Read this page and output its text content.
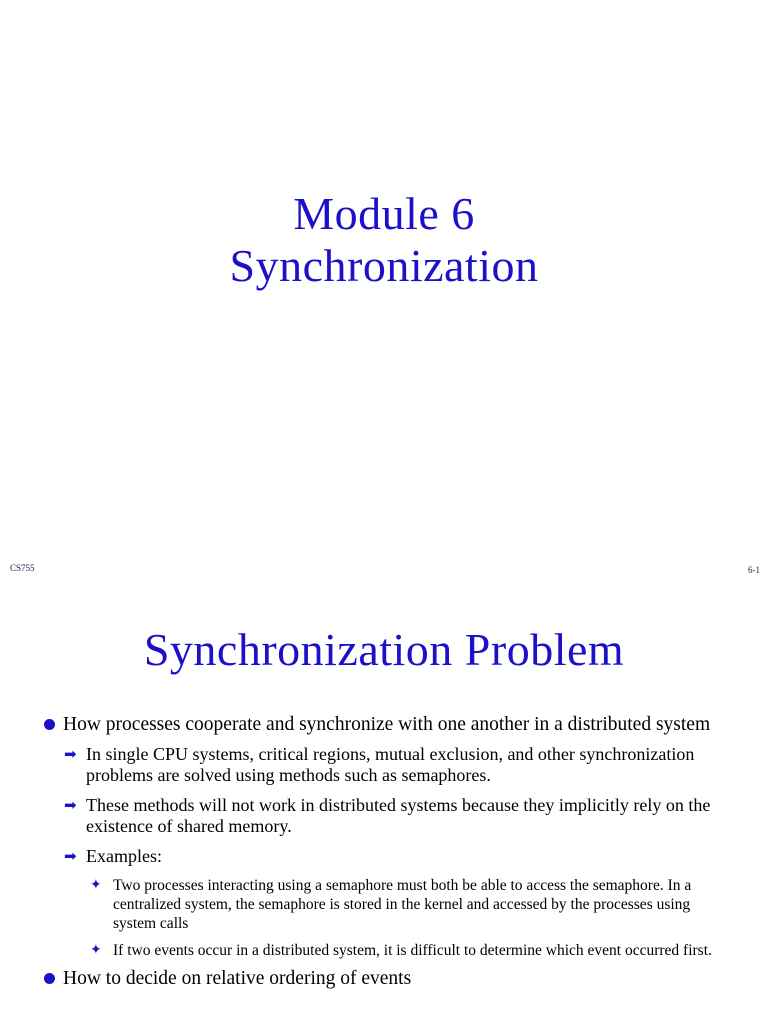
Module 6
Synchronization
CS755	6-1
Synchronization Problem
How processes cooperate and synchronize with one another in a distributed system
➡ In single CPU systems, critical regions, mutual exclusion, and other synchronization problems are solved using methods such as semaphores.
➡ These methods will not work in distributed systems because they implicitly rely on the existence of shared memory.
➡ Examples:
✦ Two processes interacting using a semaphore must both be able to access the semaphore. In a centralized system, the semaphore is stored in the kernel and accessed by the processes using system calls
✦ If two events occur in a distributed system, it is difficult to determine which event occurred first.
How to decide on relative ordering of events
